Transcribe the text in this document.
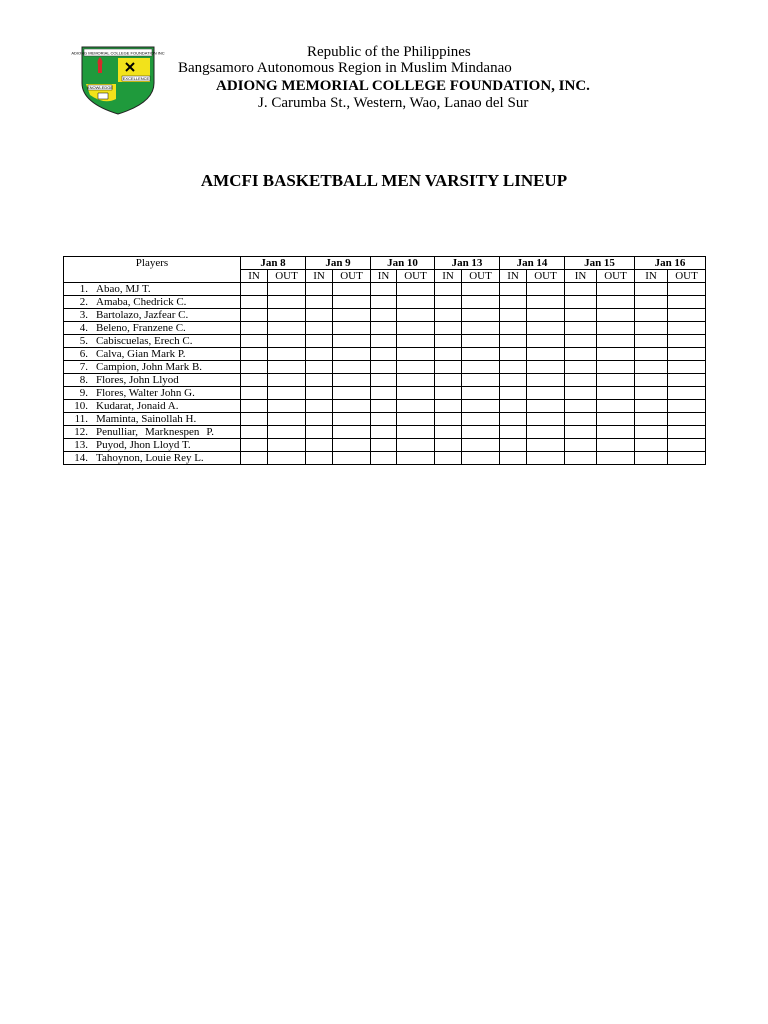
ADIONG MEMORIAL COLLEGE FOUNDATION INC
EXCELLENCE
KNOWLEDGE
Republic of the Philippines
Bangsamoro Autonomous Region in Muslim Mindanao
ADIONG MEMORIAL COLLEGE FOUNDATION, INC.
J. Carumba St., Western, Wao, Lanao del Sur
AMCFI BASKETBALL MEN VARSITY LINEUP
Players	Jan 8		Jan 9		Jan 10		Jan 13		Jan 14		Jan 15		Jan 16	
	IN	OUT	IN	OUT	IN	OUT	IN	OUT	IN	OUT	IN	OUT	IN	OUT
1. Abao, MJ T.														
2. Amaba, Chedrick C.														
3. Bartolazo, Jazfear C.														
4. Beleno, Franzene C.														
5. Cabiscuelas, Erech C.														
6. Calva, Gian Mark P.														
7. Campion, John Mark B.														
8. Flores, John Llyod														
9. Flores, Walter John G.														
10. Kudarat, Jonaid A.														
11. Maminta, Sainollah H.														
12. Penulliar, Marknespen P.														
13. Puyod, Jhon Lloyd T.														
14. Tahoynon, Louie Rey L.														
